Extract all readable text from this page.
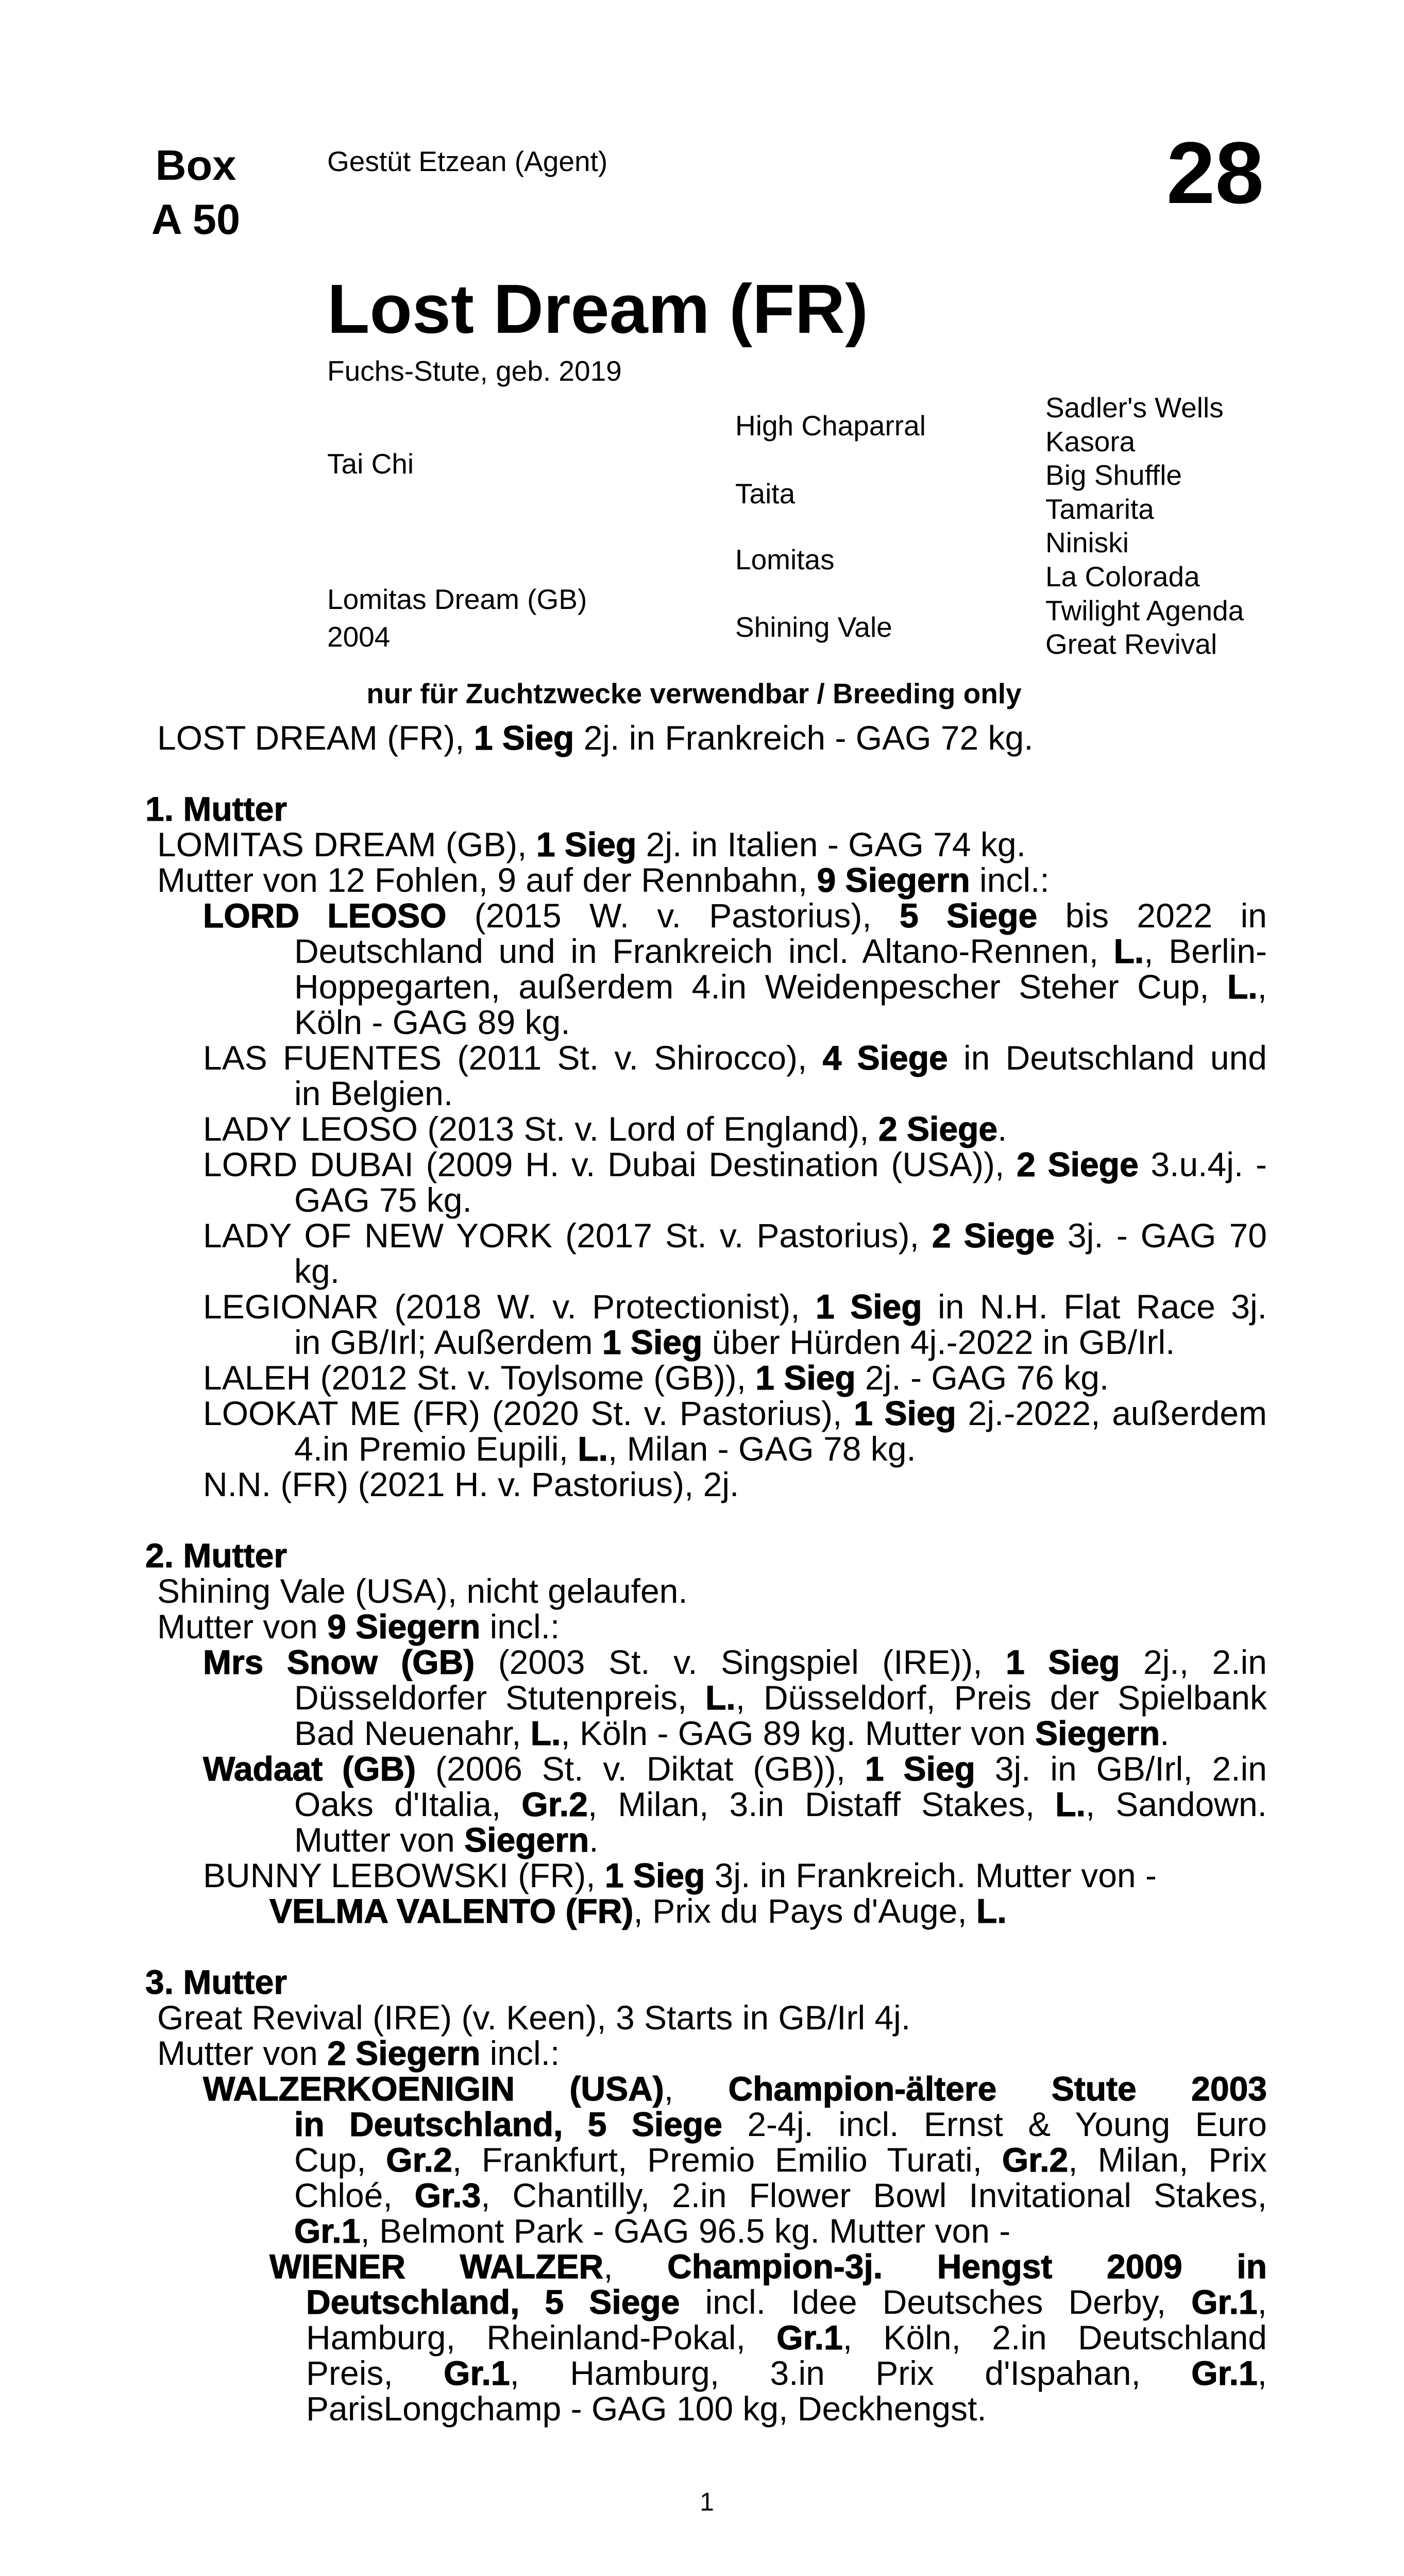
Box
A 50
Gestüt Etzean (Agent)	28
Lost Dream (FR)
Fuchs-Stute, geb. 2019
Tai Chi
Lomitas Dream (GB)
2004
High Chaparral
Taita
Lomitas
Shining Vale
Sadler's Wells
Kasora
Big Shuffle
Tamarita
Niniski
La Colorada
Twilight Agenda
Great Revival
nur für Zuchtzwecke verwendbar / Breeding only
LOST DREAM (FR), 1 Sieg 2j. in Frankreich - GAG 72 kg.
1. Mutter
LOMITAS DREAM (GB), 1 Sieg 2j. in Italien - GAG 74 kg.
Mutter von 12 Fohlen, 9 auf der Rennbahn, 9 Siegern incl.:
LORD LEOSO (2015 W. v. Pastorius), 5 Siege bis 2022 in
Deutschland und in Frankreich incl. Altano-Rennen, L., Berlin-
Hoppegarten, außerdem 4.in Weidenpescher Steher Cup, L.,
Köln - GAG 89 kg.
LAS FUENTES (2011 St. v. Shirocco), 4 Siege in Deutschland und
in Belgien.
LADY LEOSO (2013 St. v. Lord of England), 2 Siege.
LORD DUBAI (2009 H. v. Dubai Destination (USA)), 2 Siege 3.u.4j. -
GAG 75 kg.
LADY OF NEW YORK (2017 St. v. Pastorius), 2 Siege 3j. - GAG 70
kg.
LEGIONAR (2018 W. v. Protectionist), 1 Sieg in N.H. Flat Race 3j.
in GB/Irl; Außerdem 1 Sieg über Hürden 4j.-2022 in GB/Irl.
LALEH (2012 St. v. Toylsome (GB)), 1 Sieg 2j. - GAG 76 kg.
LOOKAT ME (FR) (2020 St. v. Pastorius), 1 Sieg 2j.-2022, außerdem
4.in Premio Eupili, L., Milan - GAG 78 kg.
N.N. (FR) (2021 H. v. Pastorius), 2j.
2. Mutter
Shining Vale (USA), nicht gelaufen.
Mutter von 9 Siegern incl.:
Mrs Snow (GB) (2003 St. v. Singspiel (IRE)), 1 Sieg 2j., 2.in
Düsseldorfer Stutenpreis, L., Düsseldorf, Preis der Spielbank
Bad Neuenahr, L., Köln - GAG 89 kg. Mutter von Siegern.
Wadaat (GB) (2006 St. v. Diktat (GB)), 1 Sieg 3j. in GB/Irl, 2.in
Oaks d'Italia, Gr.2, Milan, 3.in Distaff Stakes, L., Sandown.
Mutter von Siegern.
BUNNY LEBOWSKI (FR), 1 Sieg 3j. in Frankreich. Mutter von -
VELMA VALENTO (FR), Prix du Pays d'Auge, L.
3. Mutter
Great Revival (IRE) (v. Keen), 3 Starts in GB/Irl 4j.
Mutter von 2 Siegern incl.:
WALZERKOENIGIN (USA), Champion-ältere Stute 2003
in Deutschland, 5 Siege 2-4j. incl. Ernst & Young Euro
Cup, Gr.2, Frankfurt, Premio Emilio Turati, Gr.2, Milan, Prix
Chloé, Gr.3, Chantilly, 2.in Flower Bowl Invitational Stakes,
Gr.1, Belmont Park - GAG 96.5 kg. Mutter von -
WIENER WALZER, Champion-3j. Hengst 2009 in
Deutschland, 5 Siege incl. Idee Deutsches Derby, Gr.1,
Hamburg, Rheinland-Pokal, Gr.1, Köln, 2.in Deutschland
Preis, Gr.1, Hamburg, 3.in Prix d'Ispahan, Gr.1,
ParisLongchamp - GAG 100 kg, Deckhengst.
1
